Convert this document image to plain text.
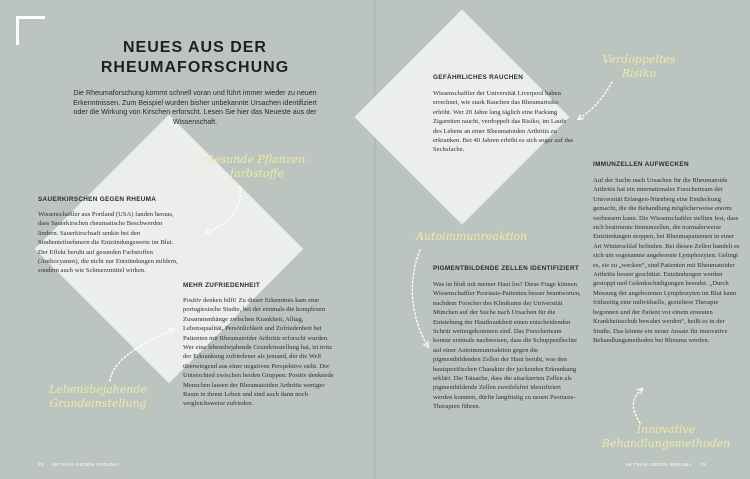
NEUES AUS DER
RHEUMAFORSCHUNG

Die Rheumaforschung kommt schnell voran und führt immer wieder zu neuen Erkenntnissen. Zum Beispiel wurden bisher unbekannte Ursachen identifiziert oder die Wirkung von Kirschen erforscht. Lesen Sie hier das Neueste aus der Wissenschaft.

SAUERKIRSCHEN GEGEN RHEUMA

Wissenschaftler aus Portland (USA) fanden heraus, dass Sauerkirschen rheumatische Beschwerden lindern. Sauerkirschsaft senkte bei den Studienteilnehmern die Entzündungswerte im Blut. Der Effekt beruht auf gesunden Farbstoffen (Anthocyanen), die nicht nur Entzündungen mildern, sondern auch wie Schmerzmittel wirken.

MEHR ZUFRIEDENHEIT

Positiv denken hilft! Zu dieser Erkenntnis kam eine portugiesische Studie, bei der erstmals die komplexen Zusammenhänge zwischen Krankheit, Alltag, Lebensqualität, Persönlichkeit und Zufriedenheit bei Patienten mit Rheumatoider Arthritis erforscht wurden. Wer eine lebensbejahende Grundeinstellung hat, ist trotz der Erkrankung zufriedener als jemand, der die Welt überwiegend aus einer negativen Perspektive sieht. Der Unterschied zwischen beiden Gruppen: Positiv denkende Menschen lassen der Rheumatoiden Arthritis weniger Raum in ihrem Leben und sind auch dann noch vergleichsweise zufrieden.

GEFÄHRLICHES RAUCHEN

Wissenschaftler der Universität Liverpool haben errechnet, wie stark Rauchen das Rheumarisiko erhöht. Wer 20 Jahre lang täglich eine Packung Zigaretten raucht, verdoppelt das Risiko, im Laufe des Lebens an einer Rheumatoiden Arthritis zu erkranken. Bei 40 Jahren erhöht es sich sogar auf das Sechsfache.

PIGMENTBILDENDE ZELLEN IDENTIFIZIERT

Was ist bloß mit meiner Haut los? Diese Frage können Wissenschaftler Psoriasis-Patienten besser beantworten, nachdem Forscher des Klinikums der Universität München auf der Suche nach Ursachen für die Entstehung der Hautkrankheit einen entscheidenden Schritt weitergekommen sind. Das Forscherteam konnte erstmals nachweisen, dass die Schuppenflechte auf einer Autoimmunreaktion gegen die pigmentbildenden Zellen der Haut beruht, was den hautspezifischen Charakter der juckenden Erkrankung erklärt. Die Tatsache, dass die attackierten Zellen als pigmentbildende Zellen zweifelsfrei identifiziert werden konnten, dürfte langfristig zu neuen Psoriasis-Therapien führen.

IMMUNZELLEN AUFWECKEN

Auf der Suche nach Ursachen für die Rheumatoide Arthritis hat ein internationales Forscherteam der Universität Erlangen-Nürnberg eine Entdeckung gemacht, die die Behandlung möglicherweise enorm verbessern kann. Die Wissenschaftler stellten fest, dass sich bestimmte Immunzellen, die normalerweise Entzündungen stoppen, bei Rheumapatienten in einer Art Winterschlaf befinden. Bei diesen Zellen handelt es sich um sogenannte angeborene Lymphozyten. Gelingt es, sie zu „wecken“, sind Patienten mit Rheumatoider Arthritis besser geschützt. Entzündungen werden gestoppt und Gelenkschädigungen beendet. „Durch Messung der angeborenen Lymphozyten im Blut kann frühzeitig eine individuelle, gezieltere Therapie begonnen und der Patient vor einem erneuten Krankheitsschub bewahrt werden“, heißt es in der Studie. Das könnte ein neuer Ansatz für innovative Behandlungsmethoden bei Rheuma werden.

Gesunde Pflanzen-
farbstoffe

Lebensbejahende
Grundeinstellung

Verdoppeltes
Risiko

Autoimmunreaktion

Innovative
Behandlungsmethoden

28 IM TEAM GEGEN RHEUMA	IM TEAM GEGEN RHEUMA 29
